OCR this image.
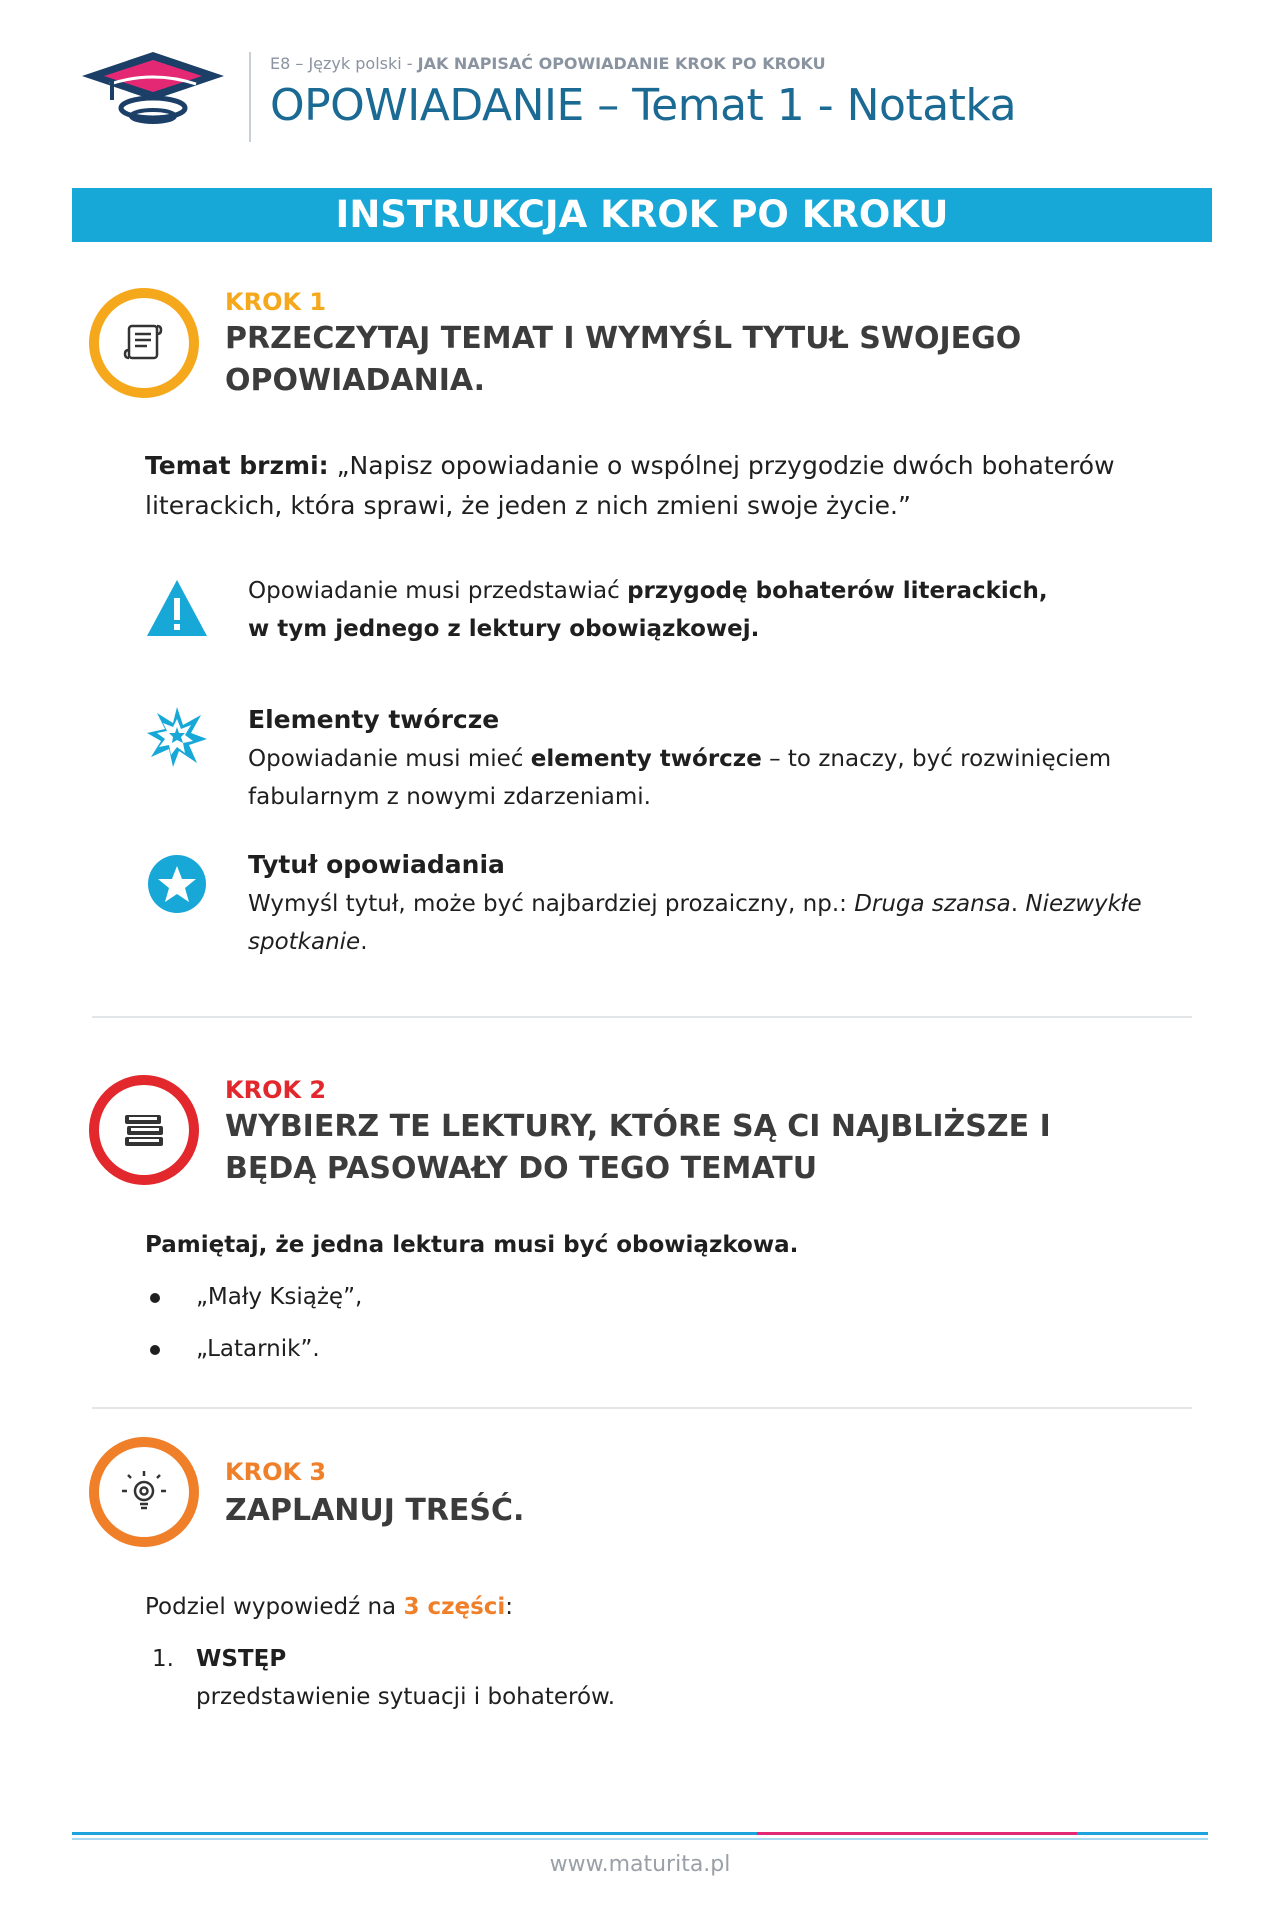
E8 – Język polski - JAK NAPISAĆ OPOWIADANIE KROK PO KROKU
OPOWIADANIE – Temat 1 - Notatka
INSTRUKCJA KROK PO KROKU
KROK 1
PRZECZYTAJ TEMAT I WYMYŚL TYTUŁ SWOJEGO OPOWIADANIA.
Temat brzmi: „Napisz opowiadanie o wspólnej przygodzie dwóch bohaterów literackich, która sprawi, że jeden z nich zmieni swoje życie.”
Opowiadanie musi przedstawiać przygodę bohaterów literackich, w tym jednego z lektury obowiązkowej.
Elementy twórcze
Opowiadanie musi mieć elementy twórcze – to znaczy, być rozwinięciem fabularnym z nowymi zdarzeniami.
Tytuł opowiadania
Wymyśl tytuł, może być najbardziej prozaiczny, np.: Druga szansa. Niezwykłe spotkanie.
KROK 2
WYBIERZ TE LEKTURY, KTÓRE SĄ CI NAJBLIŻSZE I BĘDĄ PASOWAŁY DO TEGO TEMATU
Pamiętaj, że jedna lektura musi być obowiązkowa.
„Mały Książę”,
„Latarnik”.
KROK 3
ZAPLANUJ TREŚĆ.
Podziel wypowiedź na 3 części:
1. WSTĘP
przedstawienie sytuacji i bohaterów.
www.maturita.pl
